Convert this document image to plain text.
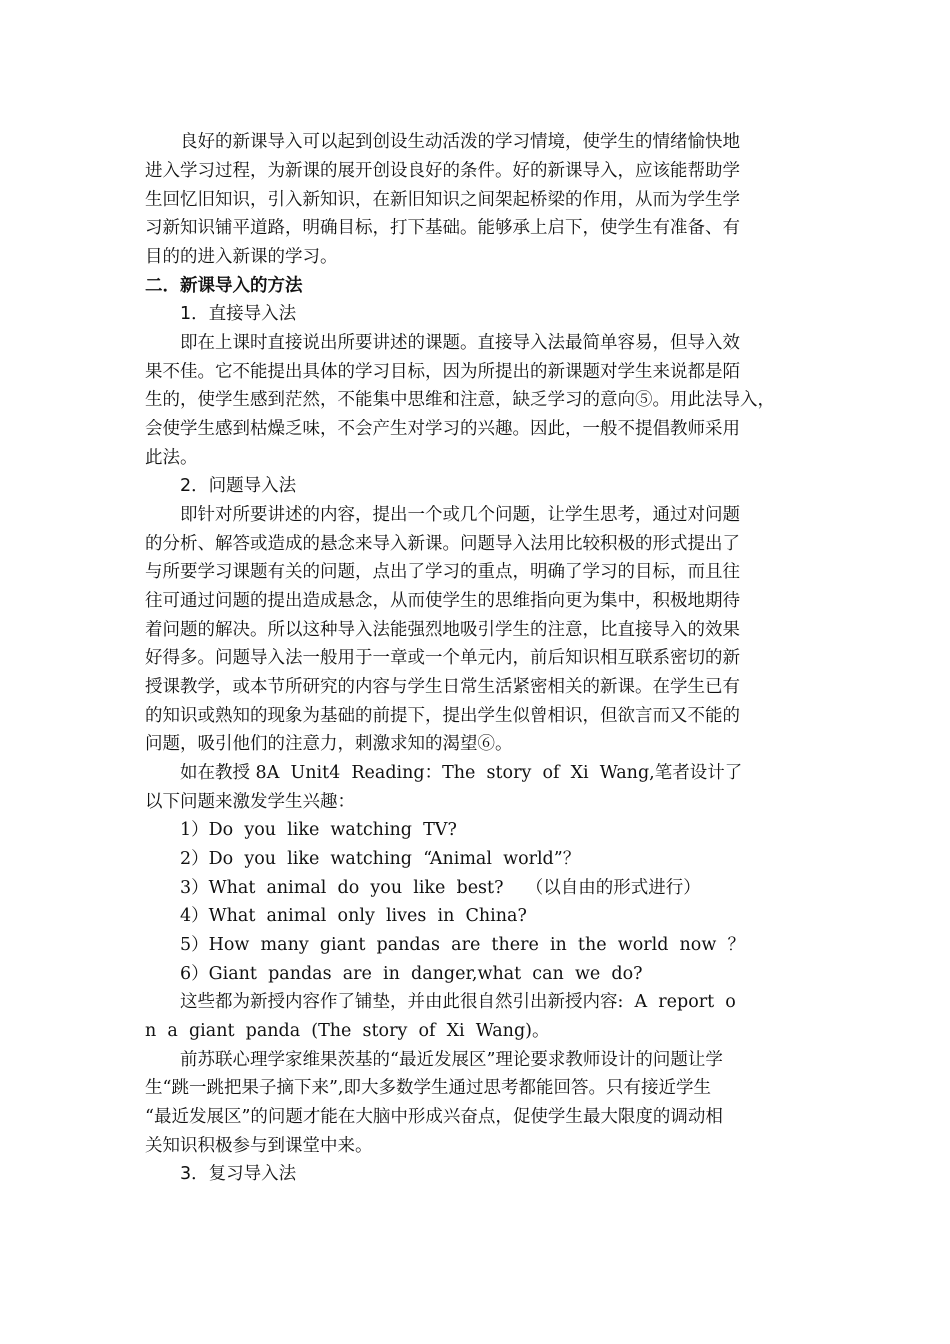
良好的新课导入可以起到创设生动活泼的学习情境，使学生的情绪愉快地
进入学习过程，为新课的展开创设良好的条件。好的新课导入，应该能帮助学
生回忆旧知识，引入新知识，在新旧知识之间架起桥梁的作用，从而为学生学
习新知识铺平道路，明确目标，打下基础。能够承上启下，使学生有准备、有
目的的进入新课的学习。
二．新课导入的方法
1．直接导入法
即在上课时直接说出所要讲述的课题。直接导入法最简单容易，但导入效
果不佳。它不能提出具体的学习目标，因为所提出的新课题对学生来说都是陌
生的，使学生感到茫然，不能集中思维和注意，缺乏学习的意向⑤。用此法导入，
会使学生感到枯燥乏味，不会产生对学习的兴趣。因此，一般不提倡教师采用
此法。
2．问题导入法
即针对所要讲述的内容，提出一个或几个问题，让学生思考，通过对问题
的分析、解答或造成的悬念来导入新课。问题导入法用比较积极的形式提出了
与所要学习课题有关的问题，点出了学习的重点，明确了学习的目标，而且往
往可通过问题的提出造成悬念，从而使学生的思维指向更为集中，积极地期待
着问题的解决。所以这种导入法能强烈地吸引学生的注意，比直接导入的效果
好得多。问题导入法一般用于一章或一个单元内，前后知识相互联系密切的新
授课教学，或本节所研究的内容与学生日常生活紧密相关的新课。在学生已有
的知识或熟知的现象为基础的前提下，提出学生似曾相识，但欲言而又不能的
问题，吸引他们的注意力，刺激求知的渴望⑥。
如在教授 8A  Unit4  Reading：The  story  of  Xi  Wang,笔者设计了
以下问题来激发学生兴趣：
1）Do  you  like  watching  TV?
2）Do  you  like  watching  “Animal  world”？
3）What  animal  do  you  like  best?    （以自由的形式进行）
4）What  animal  only  lives  in  China?
5）How  many  giant  pandas  are  there  in  the  world  now  ？
6）Giant  pandas  are  in  danger,what  can  we  do?
这些都为新授内容作了铺垫，并由此很自然引出新授内容:  A  report  o
n  a  giant  panda  (The  story  of  Xi  Wang)。
前苏联心理学家维果茨基的“最近发展区”理论要求教师设计的问题让学
生“跳一跳把果子摘下来”,即大多数学生通过思考都能回答。只有接近学生
“最近发展区”的问题才能在大脑中形成兴奋点，促使学生最大限度的调动相
关知识积极参与到课堂中来。
3．复习导入法
